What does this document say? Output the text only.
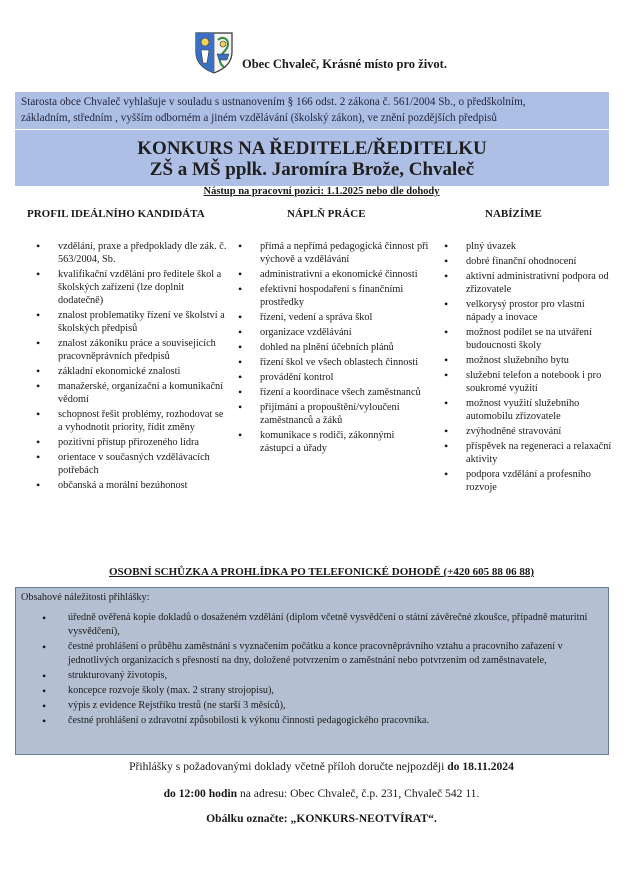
Obec Chvaleč, Krásné místo pro život.
Starosta obce Chvaleč vyhlašuje v souladu s ustnanovením § 166 odst. 2 zákona č. 561/2004 Sb., o předškolním,
základním, středním , vyšším odborném a jiném vzdělávání (školský zákon), ve znění pozdějších předpisů
KONKURS NA ŘEDITELE/ŘEDITELKU
ZŠ a MŠ pplk. Jaromíra Brože, Chvaleč
Nástup na pracovní pozici: 1.1.2025 nebo dle dohody
PROFIL IDEÁLNÍHO KANDIDÁTA	NÁPLŇ PRÁCE	NABÍZÍME
• vzdělání, praxe a předpoklady dle zák. č. 563/2004, Sb.
• kvalifikační vzdělání pro ředitele škol a školských zařízení (lze doplnit dodatečně)
• znalost problematiky řízení ve školství a školských předpisů
• znalost zákoníku práce a souvisejících pracovněprávních předpisů
• základní ekonomické znalosti
• manažerské, organizační a komunikační vědomí
• schopnost řešit problémy, rozhodovat se a vyhodnotit priority, řídit změny
• pozitivní přístup přirozeného lídra
• orientace v současných vzdělávacích potřebách
• občanská a morální bezúhonost
• přímá a nepřímá pedagogická činnost při výchově a vzdělávání
• administrativní a ekonomické činnosti
• efektivní hospodaření s finančními prostředky
• řízení, vedení a správa škol
• organizace vzdělávání
• dohled na plnění účebních plánů
• řízení škol ve všech oblastech činnosti
• provádění kontrol
• řízení a koordinace všech zaměstnanců
• přijímání a propouštění/vyloučení zaměstnanců a žáků
• komunikace s rodiči, zákonnými zástupci a úřady
• plný úvazek
• dobré finanční ohodnocení
• aktivní administrativní podpora od zřizovatele
• velkorysý prostor pro vlastní nápady a inovace
• možnost podílet se na utváření budoucnosti školy
• možnost služebního bytu
• služební telefon a notebook i pro soukromé využití
• možnost využití služebního automobilu zřizovatele
• zvýhodněné stravování
• příspěvek na regeneraci a relaxační aktivity
• podpora vzdělání a profesního rozvoje
OSOBNÍ SCHŮZKA A PROHLÍDKA PO TELEFONICKÉ DOHODĚ (+420 605 88 06 88)
Obsahové náležitosti přihlášky:
• úředně ověřená kopie dokladů o dosaženém vzdělání (diplom včetně vysvědčení o státní závěrečné zkoušce, případně maturitní vysvědčení),
• čestné prohlášení o průběhu zaměstnání s vyznačením počátku a konce pracovněprávního vztahu a pracovního zařazení v jednotlivých organizacích s přesností na dny, doložené potvrzením o zaměstnání nebo potvrzením od zaměstnavatele,
• strukturovaný životopis,
• koncepce rozvoje školy (max. 2 strany strojopisu),
• výpis z evidence Rejstříku trestů (ne starší 3 měsíců),
• čestné prohlášení o zdravotní způsobilosti k výkonu činnosti pedagogického pracovníka.
Přihlášky s požadovanými doklady včetně příloh doručte nejpozději do 18.11.2024
do 12:00 hodin na adresu: Obec Chvaleč, č.p. 231, Chvaleč 542 11.
Obálku označte: „KONKURS-NEOTVÍRAT“.
